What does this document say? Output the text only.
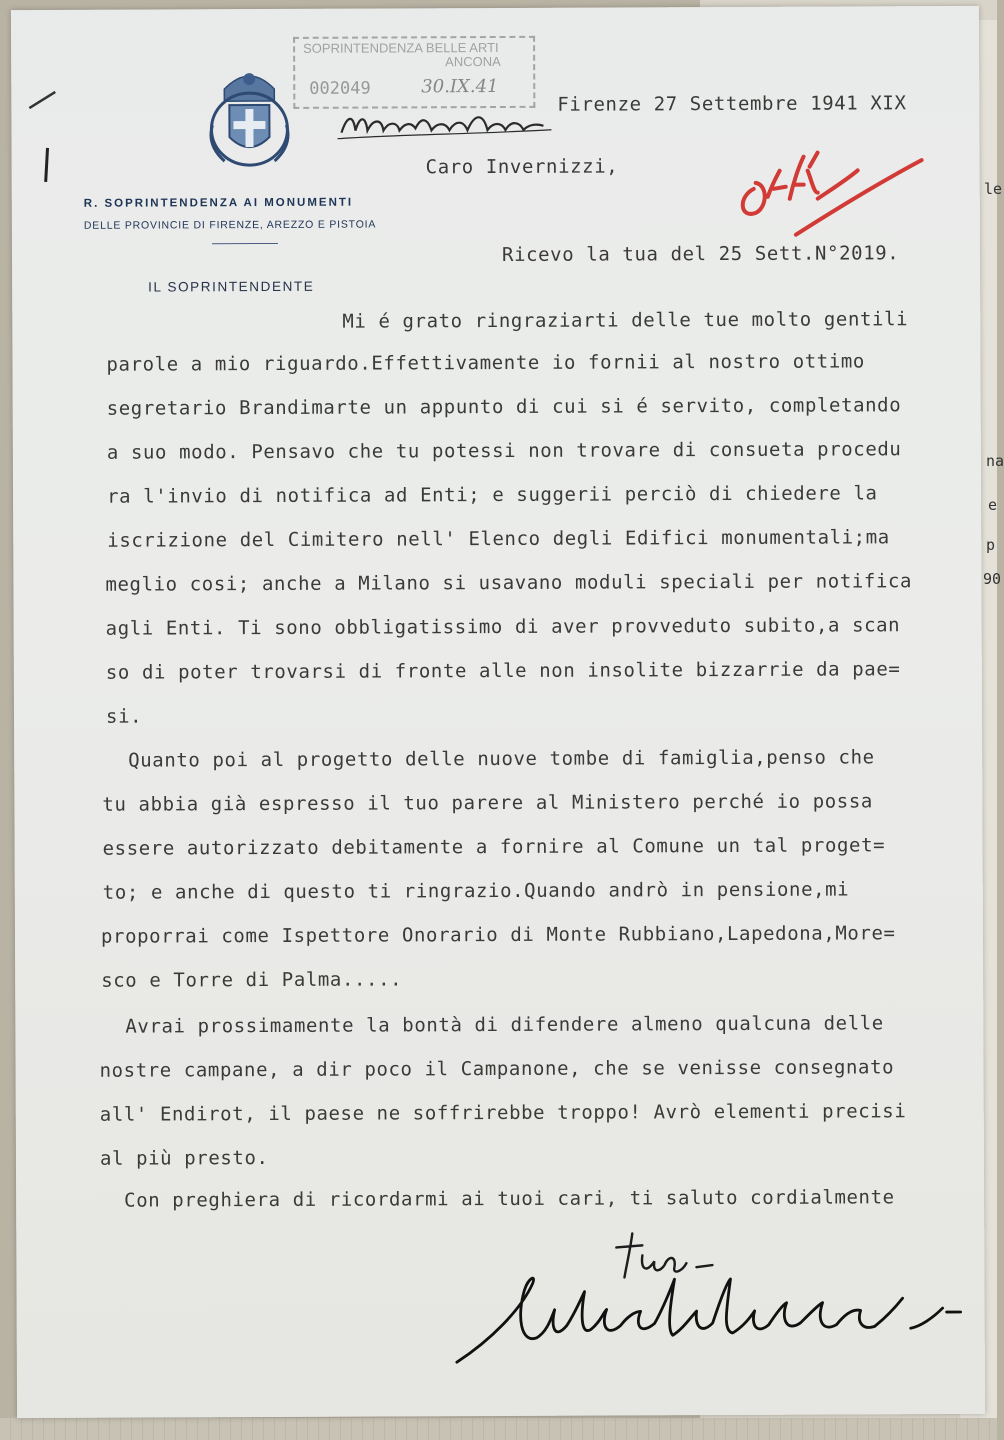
le
na
e
p
90
R. SOPRINTENDENZA AI MONUMENTI
DELLE PROVINCIE DI FIRENZE, AREZZO E PISTOIA
IL SOPRINTENDENTE
SOPRINTENDENZA BELLE ARTI
ANCONA
002049	30.IX.41
Firenze 27 Settembre 1941 XIX
Caro Invernizzi,
Ricevo la tua del 25 Sett.N°2019.
Mi é grato ringraziarti delle tue molto gentili
parole a mio riguardo.Effettivamente io fornii al nostro ottimo
segretario Brandimarte un appunto di cui si é servito, completando
a suo modo. Pensavo che tu potessi non trovare di consueta procedu
ra l'invio di notifica ad Enti; e suggerii perciò di chiedere la
iscrizione del Cimitero nell' Elenco degli Edifici monumentali;ma
meglio cosi; anche a Milano si usavano moduli speciali per notifica
agli Enti. Ti sono obbligatissimo di aver provveduto subito,a scan
so di poter trovarsi di fronte alle non insolite bizzarrie da pae=
si.
Quanto poi al progetto delle nuove tombe di famiglia,penso che
tu abbia già espresso il tuo parere al Ministero perché io possa
essere autorizzato debitamente a fornire al Comune un tal proget=
to; e anche di questo ti ringrazio.Quando andrò in pensione,mi
proporrai come Ispettore Onorario di Monte Rubbiano,Lapedona,More=
sco e Torre di Palma.....
Avrai prossimamente la bontà di difendere almeno qualcuna delle
nostre campane, a dir poco il Campanone, che se venisse consegnato
all' Endirot, il paese ne soffrirebbe troppo! Avrò elementi precisi
al più presto.
Con preghiera di ricordarmi ai tuoi cari, ti saluto cordialmente
